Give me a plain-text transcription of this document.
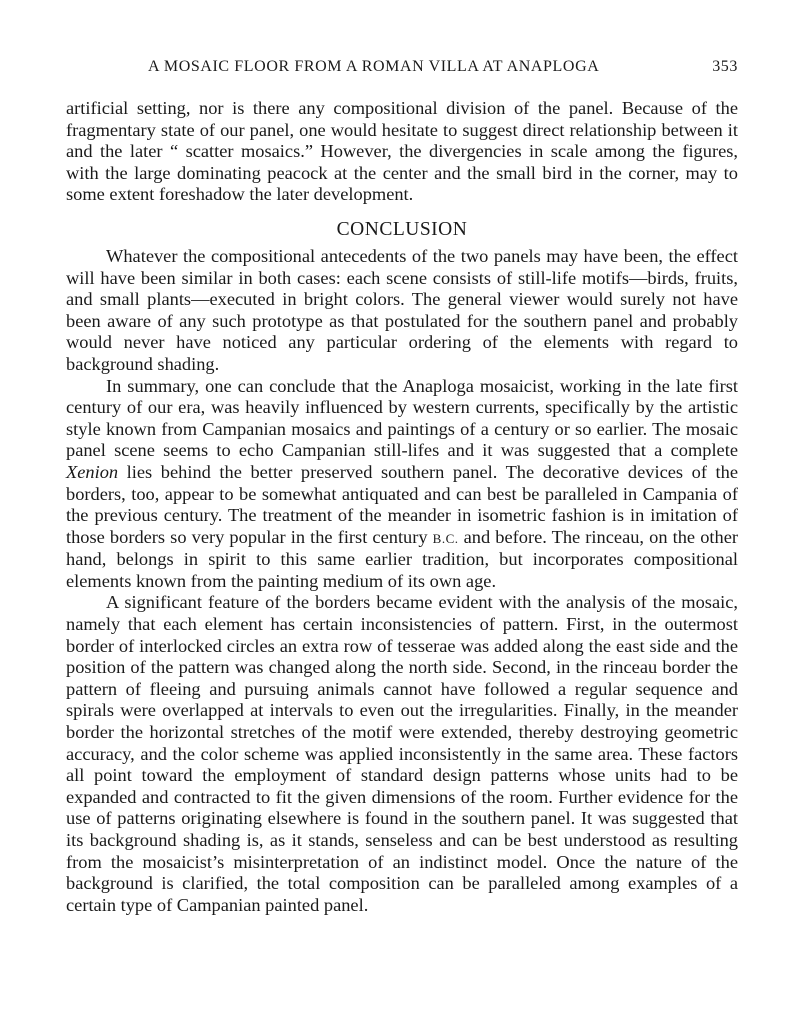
A MOSAIC FLOOR FROM A ROMAN VILLA AT ANAPLOGA	353

artificial setting, nor is there any compositional division of the panel. Because of the fragmentary state of our panel, one would hesitate to suggest direct relationship between it and the later “ scatter mosaics.” However, the divergencies in scale among the figures, with the large dominating peacock at the center and the small bird in the corner, may to some extent foreshadow the later development.

CONCLUSION

Whatever the compositional antecedents of the two panels may have been, the effect will have been similar in both cases: each scene consists of still-life motifs—birds, fruits, and small plants—executed in bright colors. The general viewer would surely not have been aware of any such prototype as that postulated for the southern panel and probably would never have noticed any particular ordering of the elements with regard to background shading.

In summary, one can conclude that the Anaploga mosaicist, working in the late first century of our era, was heavily influenced by western currents, specifically by the artistic style known from Campanian mosaics and paintings of a century or so earlier. The mosaic panel scene seems to echo Campanian still-lifes and it was suggested that a complete Xenion lies behind the better preserved southern panel. The decorative devices of the borders, too, appear to be somewhat antiquated and can best be paralleled in Campania of the previous century. The treatment of the meander in isometric fashion is in imitation of those borders so very popular in the first century B.C. and before. The rinceau, on the other hand, belongs in spirit to this same earlier tradition, but incorporates compositional elements known from the painting medium of its own age.

A significant feature of the borders became evident with the analysis of the mosaic, namely that each element has certain inconsistencies of pattern. First, in the outermost border of interlocked circles an extra row of tesserae was added along the east side and the position of the pattern was changed along the north side. Second, in the rinceau border the pattern of fleeing and pursuing animals cannot have followed a regular sequence and spirals were overlapped at intervals to even out the irregularities. Finally, in the meander border the horizontal stretches of the motif were extended, thereby destroying geometric accuracy, and the color scheme was applied inconsistently in the same area. These factors all point toward the employment of standard design patterns whose units had to be expanded and contracted to fit the given dimensions of the room. Further evidence for the use of patterns originating elsewhere is found in the southern panel. It was suggested that its background shading is, as it stands, senseless and can be best understood as resulting from the mosaicist’s misinterpretation of an indistinct model. Once the nature of the background is clarified, the total composition can be paralleled among examples of a certain type of Campanian painted panel.
